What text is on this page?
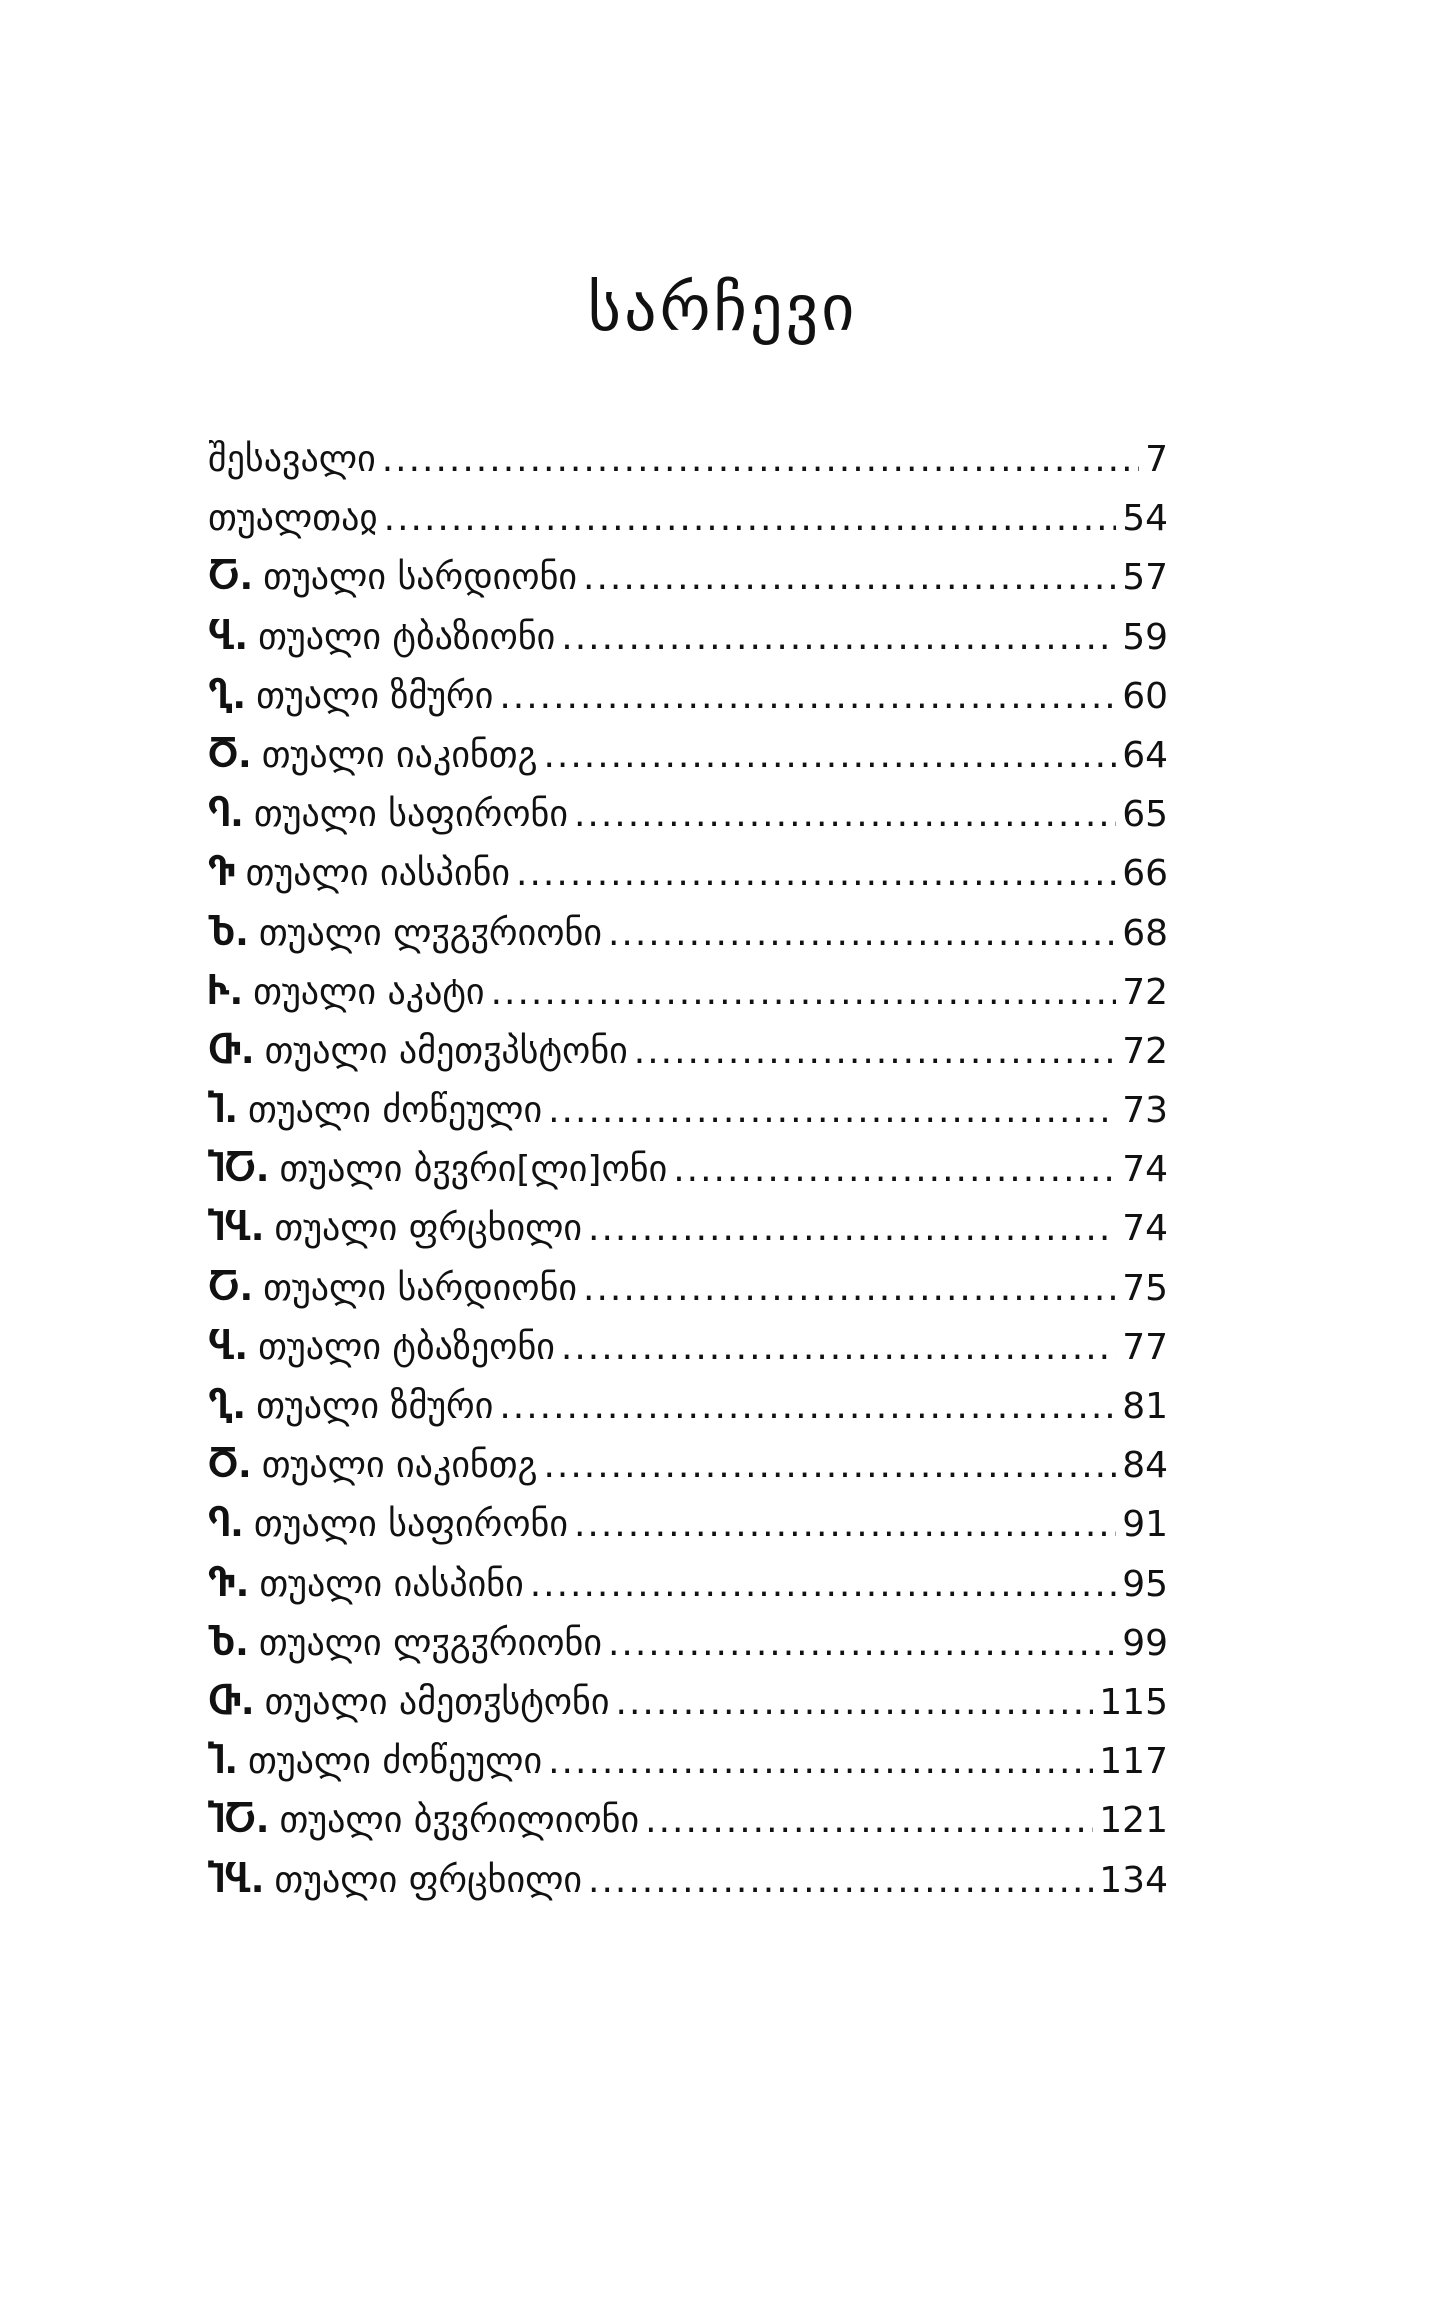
სარჩევი
შესავალი .....	7
თუალთაჲ .....	54
Ⴀ. თუალი სარდიონი .....	57
Ⴁ. თუალი ტბაზიონი .....	59
Ⴂ. თუალი ზმური .....	60
Ⴃ. თუალი იაკინთჷ .....	64
Ⴄ. თუალი საფირონი .....	65
Ⴅ თუალი იასპინი .....	66
Ⴆ. თუალი ლჳგჳრიონი .....	68
Ⴡ. თუალი აკატი .....	72
Ⴇ. თუალი ამეთჳპსტონი .....	72
Ⴈ. თუალი ძოწეული .....	73
ႨႠ. თუალი ბჳვრი[ლი]ონი .....	74
ႨႡ. თუალი ფრცხილი .....	74
Ⴀ. თუალი სარდიონი .....	75
Ⴁ. თუალი ტბაზეონი .....	77
Ⴂ. თუალი ზმური .....	81
Ⴃ. თუალი იაკინთჷ .....	84
Ⴄ. თუალი საფირონი .....	91
Ⴅ. თუალი იასპინი .....	95
Ⴆ. თუალი ლჳგჳრიონი .....	99
Ⴇ. თუალი ამეთჳსტონი .....	115
Ⴈ. თუალი ძოწეული .....	117
ႨႠ. თუალი ბჳვრილიონი .....	121
ႨႡ. თუალი ფრცხილი .....	134
